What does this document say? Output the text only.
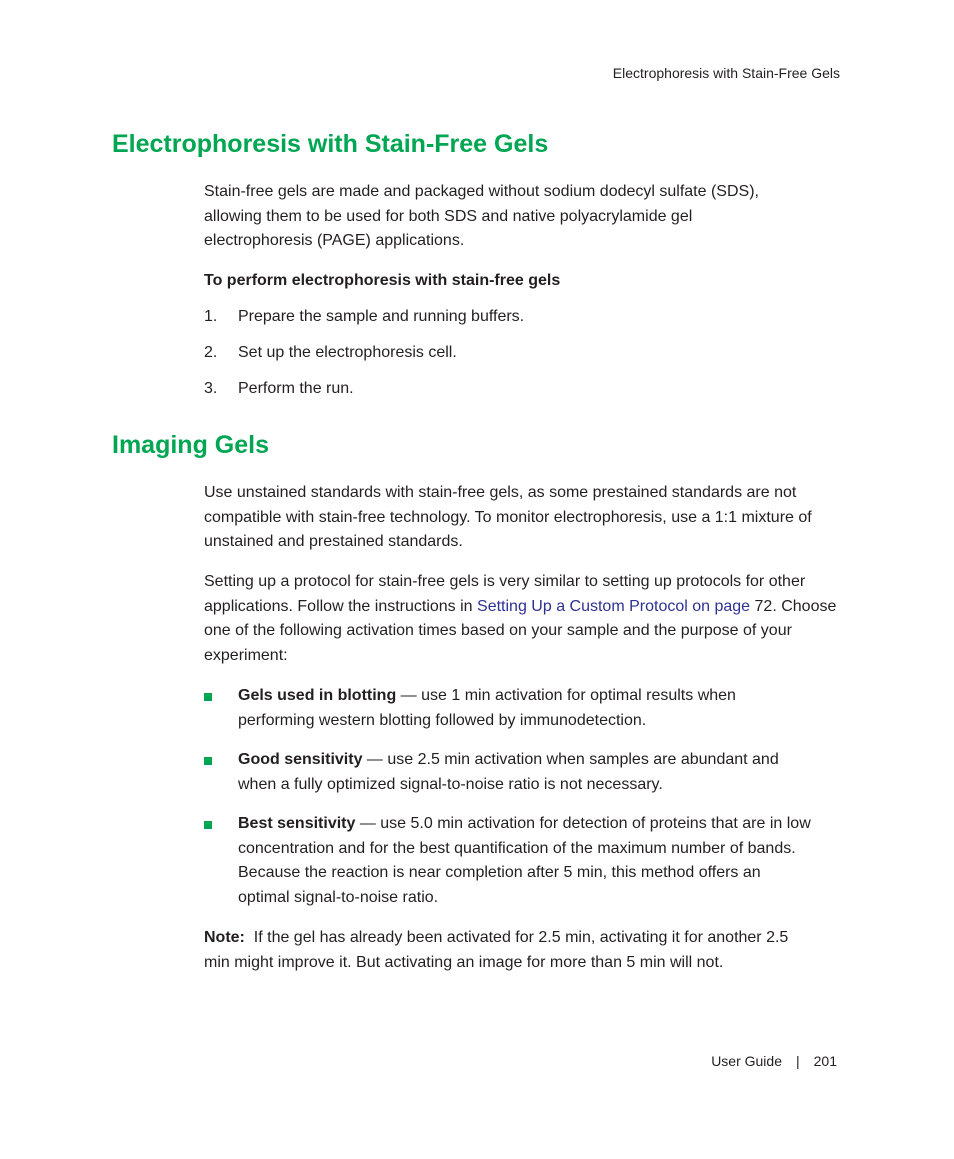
Electrophoresis with Stain-Free Gels
Electrophoresis with Stain-Free Gels

Stain-free gels are made and packaged without sodium dodecyl sulfate (SDS), allowing them to be used for both SDS and native polyacrylamide gel electrophoresis (PAGE) applications.

To perform electrophoresis with stain-free gels

1. Prepare the sample and running buffers.
2. Set up the electrophoresis cell.
3. Perform the run.
Imaging Gels

Use unstained standards with stain-free gels, as some prestained standards are not compatible with stain-free technology. To monitor electrophoresis, use a 1:1 mixture of unstained and prestained standards.

Setting up a protocol for stain-free gels is very similar to setting up protocols for other applications. Follow the instructions in Setting Up a Custom Protocol on page 72. Choose one of the following activation times based on your sample and the purpose of your experiment:

Gels used in blotting — use 1 min activation for optimal results when performing western blotting followed by immunodetection.
Good sensitivity — use 2.5 min activation when samples are abundant and when a fully optimized signal-to-noise ratio is not necessary.
Best sensitivity — use 5.0 min activation for detection of proteins that are in low concentration and for the best quantification of the maximum number of bands. Because the reaction is near completion after 5 min, this method offers an optimal signal-to-noise ratio.

Note:  If the gel has already been activated for 2.5 min, activating it for another 2.5 min might improve it. But activating an image for more than 5 min will not.

User Guide | 201
